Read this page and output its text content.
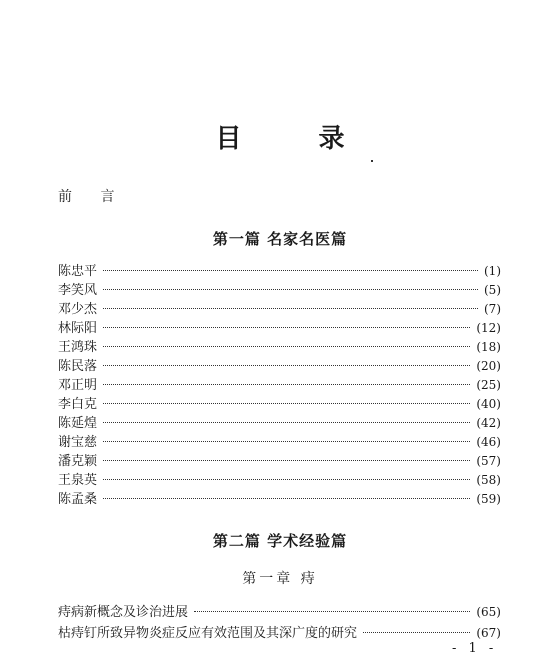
目 录
前 言
第一篇 名家名医篇
陈忠平	(1)
李笑风	(5)
邓少杰	(7)
林际阳	(12)
王鸿珠	(18)
陈民落	(20)
邓正明	(25)
李白克	(40)
陈延煌	(42)
谢宝慈	(46)
潘克颖	(57)
王泉英	(58)
陈孟桑	(59)
第二篇 学术经验篇
第一章 痔
痔病新概念及诊治进展	(65)
枯痔钉所致异物炎症反应有效范围及其深广度的研究	(67)
- 1 -
